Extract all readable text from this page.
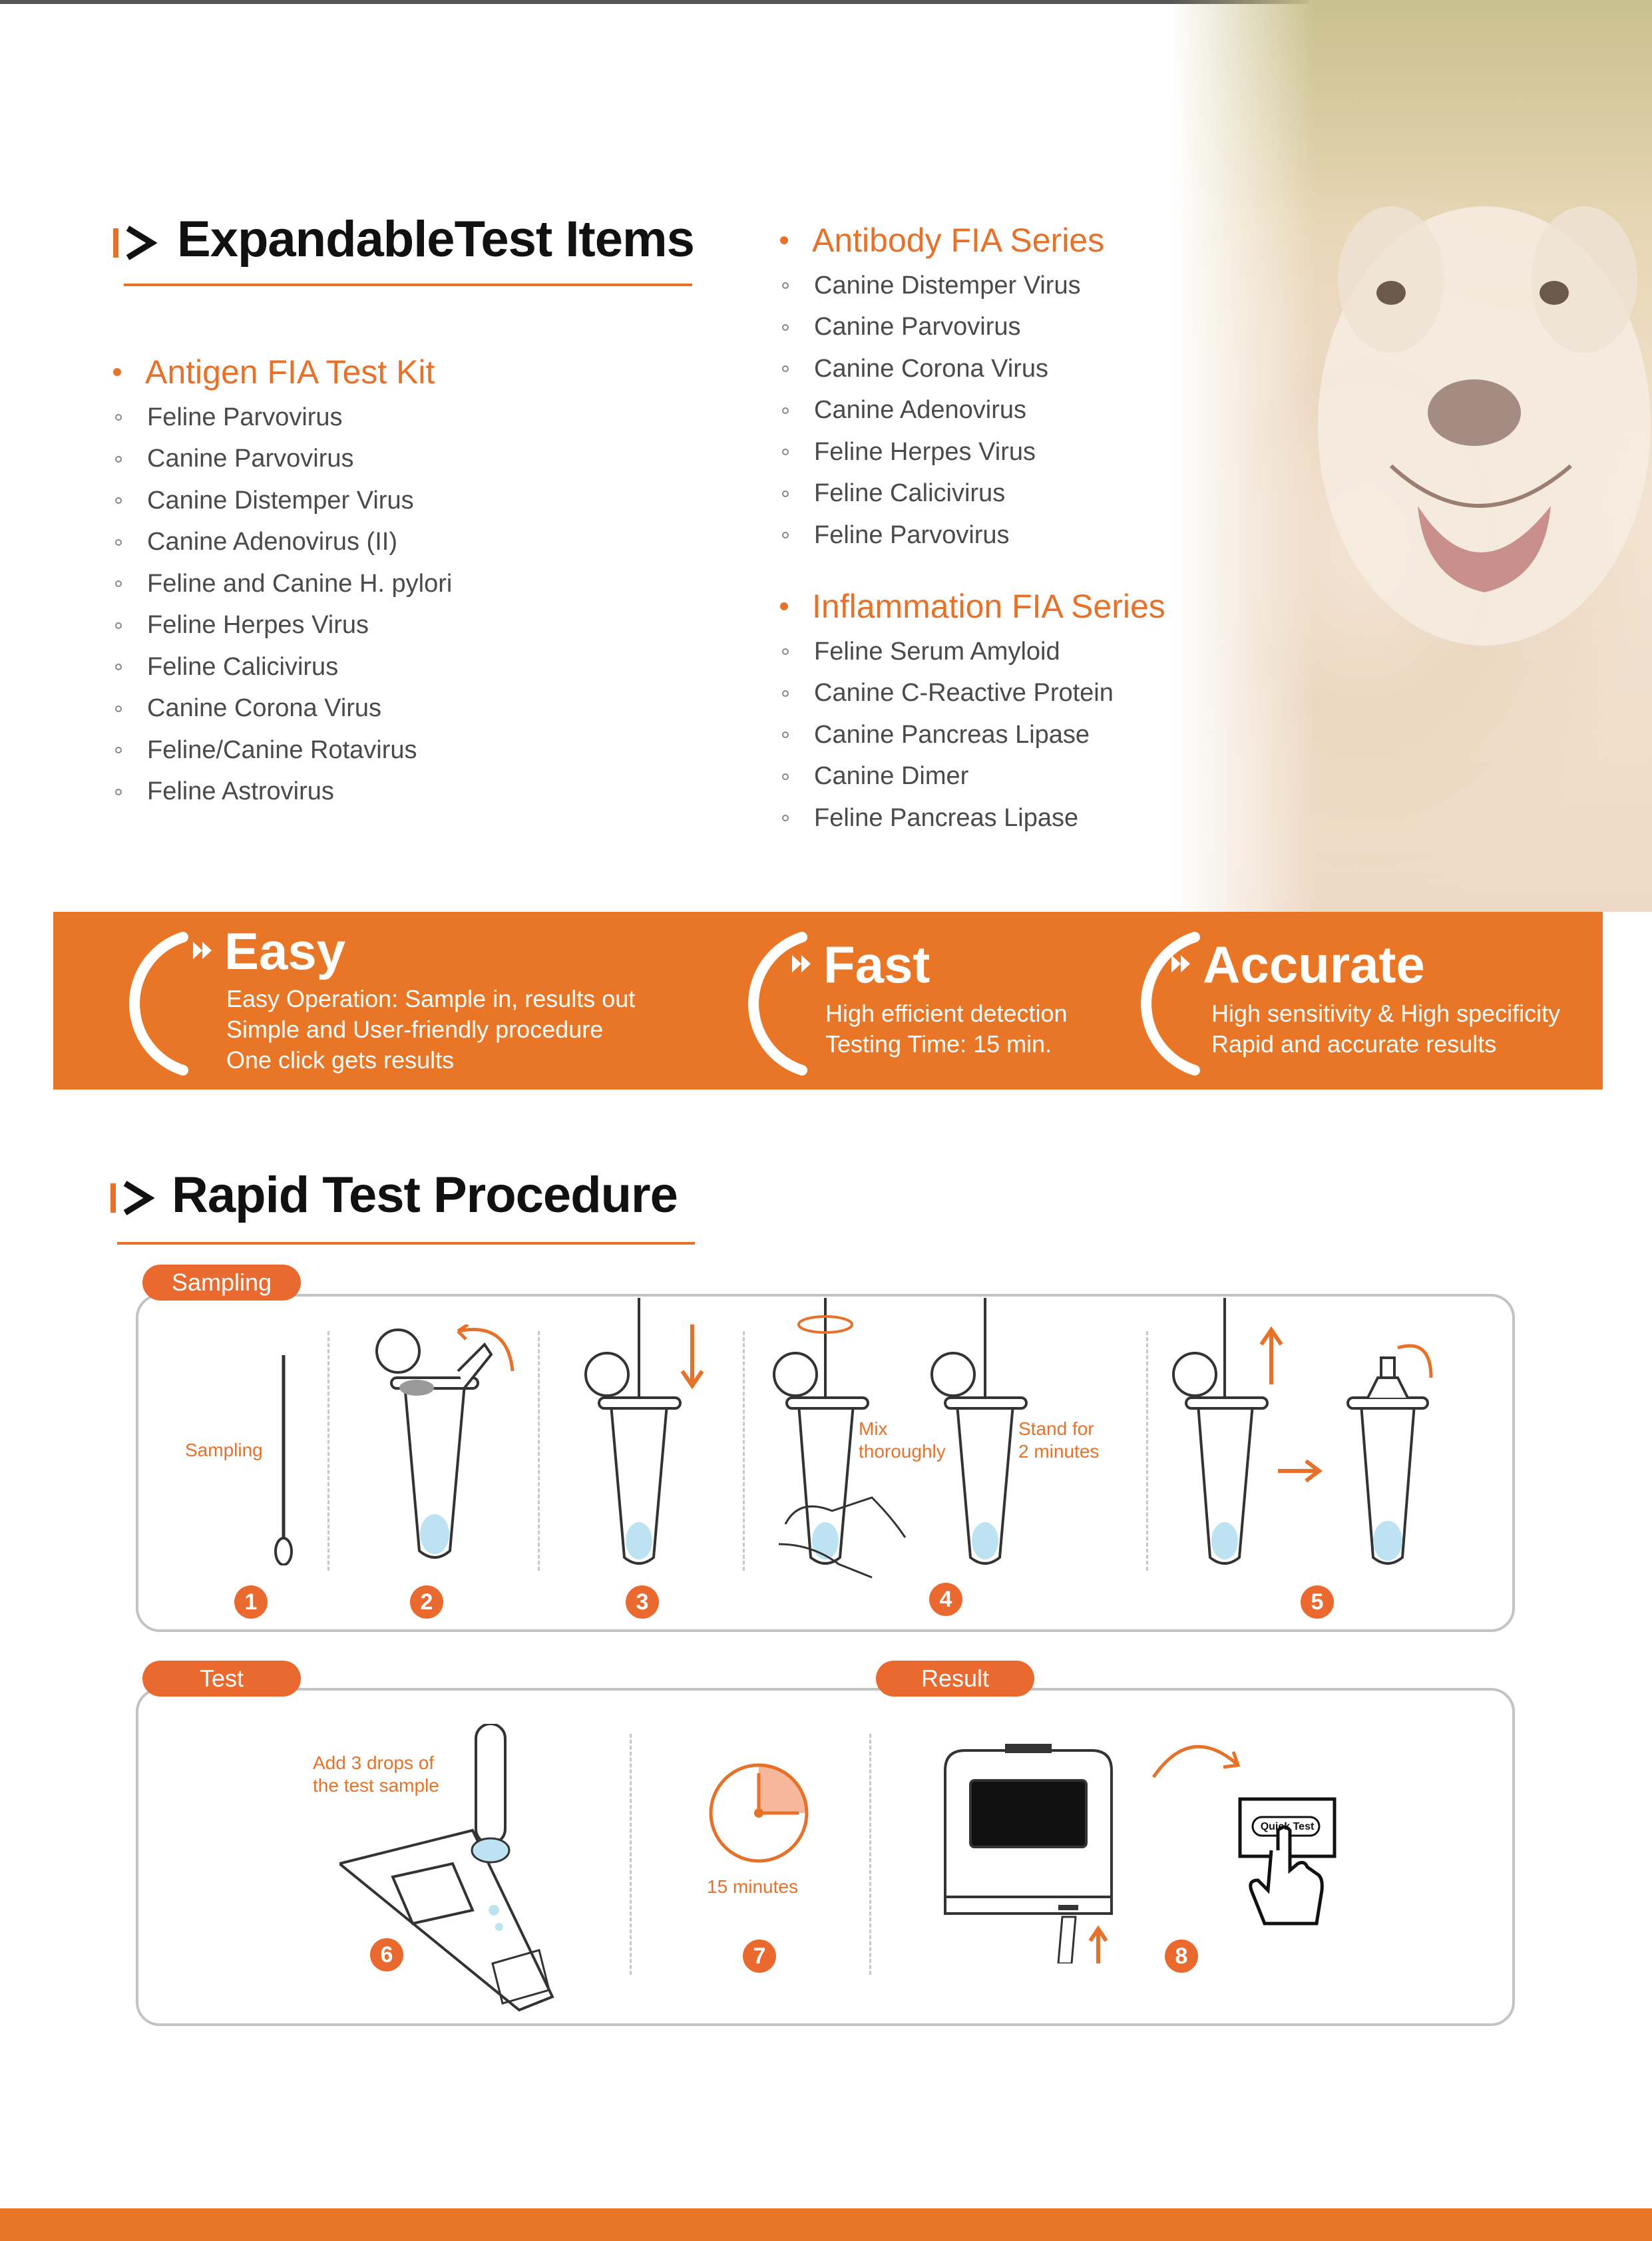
ExpandableTest Items
Antigen FIA Test Kit
Feline Parvovirus
Canine Parvovirus
Canine Distemper Virus
Canine Adenovirus (II)
Feline and Canine H. pylori
Feline Herpes Virus
Feline Calicivirus
Canine Corona Virus
Feline/Canine Rotavirus
Feline Astrovirus
Antibody FIA Series
Canine Distemper Virus
Canine Parvovirus
Canine Corona Virus
Canine Adenovirus
Feline Herpes Virus
Feline Calicivirus
Feline Parvovirus
Inflammation FIA Series
Feline Serum Amyloid
Canine C-Reactive Protein
Canine Pancreas Lipase
Canine Dimer
Feline Pancreas Lipase
Easy
Easy Operation: Sample in, results out
Simple and User-friendly procedure
One click gets results
Fast
High efficient detection
Testing Time: 15 min.
Accurate
High sensitivity & High specificity
Rapid and accurate results
Rapid Test Procedure
Sampling
Sampling
Mix
thoroughly
Stand for
2 minutes
1	2	3	4	5
Test	Result
Add 3 drops of
the test sample
15 minutes
Quick Test
6	7	8
